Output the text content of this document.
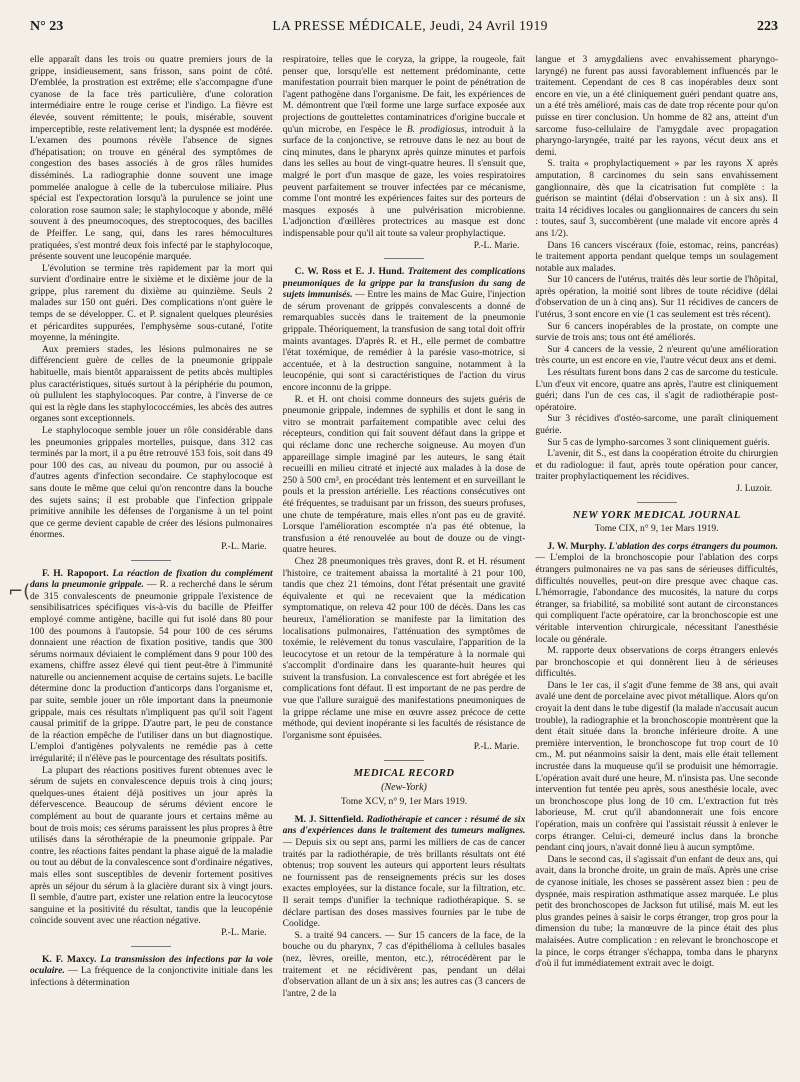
N° 23	LA PRESSE MÉDICALE, Jeudi, 24 Avril 1919	223
⌐(

elle apparaît dans les trois ou quatre premiers jours de la grippe, insidieusement, sans frisson, sans point de côté. D'emblée, la prostration est extrême; elle s'accompagne d'une cyanose de la face très particulière, d'une coloration intermédiaire entre le rouge cerise et l'indigo. La fièvre est élevée, souvent rémittente; le pouls, misérable, souvent imperceptible, reste relativement lent; la dyspnée est modérée. L'examen des poumons révèle l'absence de signes d'hépatisation; on trouve en général des symptômes de congestion des bases associés à de gros râles humides disséminés. La radiographie donne souvent une image pommelée analogue à celle de la tuberculose miliaire. Plus spécial est l'expectoration lorsqu'à la purulence se joint une coloration rose saumon sale; le staphylocoque y abonde, mêlé souvent à des pneumocoques, des streptocoques, des bacilles de Pfeiffer. Le sang, qui, dans les rares hémocultures pratiquées, s'est montré deux fois infecté par le staphylocoque, présente souvent une leucopénie marquée.

L'évolution se termine très rapidement par la mort qui survient d'ordinaire entre le sixième et le dixième jour de la grippe, plus rarement du dixième au quinzième. Seuls 2 malades sur 150 ont guéri. Des complications n'ont guère le temps de se développer. C. et P. signalent quelques pleurésies et péricardites suppurées, l'emphysème sous-cutané, l'otite moyenne, la méningite.

Aux premiers stades, les lésions pulmonaires ne se différencient guère de celles de la pneumonie grippale habituelle, mais bientôt apparaissent de petits abcès multiples plus caractéristiques, situés surtout à la périphérie du poumon, où pullulent les staphylocoques. Par contre, à l'inverse de ce qui est la règle dans les staphylococcémies, les abcès des autres organes sont exceptionnels.

Le staphylocoque semble jouer un rôle considérable dans les pneumonies grippales mortelles, puisque, dans 312 cas terminés par la mort, il a pu être retrouvé 153 fois, soit dans 49 pour 100 des cas, au niveau du poumon, pur ou associé à d'autres agents d'infection secondaire. Ce staphylocoque est sans doute le même que celui qu'on rencontre dans la bouche des sujets sains; il est probable que l'infection grippale primitive annihile les défenses de l'organisme à un tel point que ce germe devient capable de créer des lésions pulmonaires énormes.

P.-L. Marie.

F. H. Rapoport. La réaction de fixation du complément dans la pneumonie grippale. — R. a recherché dans le sérum de 315 convalescents de pneumonie grippale l'existence de sensibilisatrices spécifiques vis-à-vis du bacille de Pfeiffer employé comme antigène, bacille qui fut isolé dans 80 pour 100 des poumons à l'autopsie. 54 pour 100 de ces sérums donnaient une réaction de fixation positive, tandis que 300 sérums normaux déviaient le complément dans 9 pour 100 des examens, chiffre assez élevé qui tient peut-être à l'immunité naturelle ou anciennement acquise de certains sujets. Le bacille détermine donc la production d'anticorps dans l'organisme et, par suite, semble jouer un rôle important dans la pneumonie grippale, mais ces résultats n'impliquent pas qu'il soit l'agent causal primitif de la grippe. D'autre part, le peu de constance de la réaction empêche de l'utiliser dans un but diagnostique. L'emploi d'antigènes polyvalents ne remédie pas à cette irrégularité; il n'élève pas le pourcentage des résultats positifs.

La plupart des réactions positives furent obtenues avec le sérum de sujets en convalescence depuis trois à cinq jours; quelques-unes étaient déjà positives un jour après la défervescence. Beaucoup de sérums dévient encore le complément au bout de quarante jours et certains même au bout de trois mois; ces sérums paraissent les plus propres à être utilisés dans la sérothérapie de la pneumonie grippale. Par contre, les réactions faites pendant la phase aiguë de la maladie ou tout au début de la convalescence sont d'ordinaire négatives, mais elles sont susceptibles de devenir fortement positives après un séjour du sérum à la glacière durant six à vingt jours. Il semble, d'autre part, exister une relation entre la leucocytose sanguine et la positivité du résultat, tandis que la leucopénie coïncide souvent avec une réaction négative.

P.-L. Marie.

K. F. Maxcy. La transmission des infections par la voie oculaire. — La fréquence de la conjonctivite initiale dans les infections à détermination

respiratoire, telles que le coryza, la grippe, la rougeole, fait penser que, lorsqu'elle est nettement prédominante, cette manifestation pourrait bien marquer le point de pénétration de l'agent pathogène dans l'organisme. De fait, les expériences de M. démontrent que l'œil forme une large surface exposée aux projections de gouttelettes contaminatrices d'origine buccale et qu'un microbe, en l'espèce le B. prodigiosus, introduit à la surface de la conjonctive, se retrouve dans le nez au bout de cinq minutes, dans le pharynx après quinze minutes et parfois dans les selles au bout de vingt-quatre heures. Il s'ensuit que, malgré le port d'un masque de gaze, les voies respiratoires peuvent parfaitement se trouver infectées par ce mécanisme, comme l'ont montré les expériences faites sur des porteurs de masques exposés à une pulvérisation microbienne. L'adjonction d'œillères protectrices au masque est donc indispensable pour qu'il ait toute sa valeur prophylactique.

P.-L. Marie.

C. W. Ross et E. J. Hund. Traitement des complications pneumoniques de la grippe par la transfusion du sang de sujets immunisés. — Entre les mains de Mac Guire, l'injection de sérum provenant de grippés convalescents a donné de remarquables succès dans le traitement de la pneumonie grippale. Théoriquement, la transfusion de sang total doit offrir maints avantages. D'après R. et H., elle permet de combattre l'état toxémique, de remédier à la parésie vaso-motrice, si accentuée, et à la destruction sanguine, notamment à la leucopénie, qui sont si caractéristiques de l'action du virus encore inconnu de la grippe.

R. et H. ont choisi comme donneurs des sujets guéris de pneumonie grippale, indemnes de syphilis et dont le sang in vitro se montrait parfaitement compatible avec celui des récepteurs, condition qui fait souvent défaut dans la grippe et qui réclame donc une recherche soigneuse. Au moyen d'un appareillage simple imaginé par les auteurs, le sang était recueilli en milieu citraté et injecté aux malades à la dose de 250 à 500 cm³, en procédant très lentement et en surveillant le pouls et la pression artérielle. Les réactions consécutives ont été fréquentes, se traduisant par un frisson, des sueurs profuses, une chute de température, mais elles n'ont pas eu de gravité. Lorsque l'amélioration escomptée n'a pas été obtenue, la transfusion a été renouvelée au bout de douze ou de vingt-quatre heures.

Chez 28 pneumoniques très graves, dont R. et H. résument l'histoire, ce traitement abaissa la mortalité à 21 pour 100, tandis que chez 21 témoins, dont l'état présentait une gravité équivalente et qui ne recevaient que la médication symptomatique, on releva 42 pour 100 de décès. Dans les cas heureux, l'amélioration se manifeste par la limitation des localisations pulmonaires, l'atténuation des symptômes de toxémie, le relèvement du tonus vasculaire, l'apparition de la leucocytose et un retour de la température à la normale qui s'accomplit d'ordinaire dans les quarante-huit heures qui suivent la transfusion. La convalescence est fort abrégée et les complications font défaut. Il est important de ne pas perdre de vue que l'allure suraiguë des manifestations pneumoniques de la grippe réclame une mise en œuvre assez précoce de cette méthode, qui devient inopérante si les facultés de résistance de l'organisme sont épuisées.

P.-L. Marie.
MEDICAL RECORD
(New-York)
Tome XCV, n° 9, 1er Mars 1919.

M. J. Sittenfield. Radiothérapie et cancer : résumé de six ans d'expériences dans le traitement des tumeurs malignes. — Depuis six ou sept ans, parmi les milliers de cas de cancer traités par la radiothérapie, de très brillants résultats ont été obtenus; trop souvent les auteurs qui apportent leurs résultats ne fournissent pas de renseignements précis sur les doses exactes employées, sur la distance focale, sur la filtration, etc. Il serait temps d'unifier la technique radiothérapique. S. se déclare partisan des doses massives fournies par le tube de Coolidge.

S. a traité 94 cancers. — Sur 15 cancers de la face, de la bouche ou du pharynx, 7 cas d'épithélioma à cellules basales (nez, lèvres, oreille, menton, etc.), rétrocédèrent par le traitement et ne récidivèrent pas, pendant un délai d'observation allant de un à six ans; les autres cas (3 cancers de l'antre, 2 de la

langue et 3 amygdaliens avec envahissement pharyngo-laryngé) ne furent pas aussi favorablement influencés par le traitement. Cependant de ces 8 cas inopérables deux sont encore en vie, un a été cliniquement guéri pendant quatre ans, un a été très amélioré, mais cas de date trop récente pour qu'on puisse en tirer conclusion. Un homme de 82 ans, atteint d'un sarcome fuso-cellulaire de l'amygdale avec propagation pharyngo-laryngée, traité par les rayons, vécut deux ans et demi.

S. traita « prophylactiquement » par les rayons X après amputation, 8 carcinomes du sein sans envahissement ganglionnaire, dès que la cicatrisation fut complète : la guérison se maintint (délai d'observation : un à six ans). Il traita 14 récidives locales ou ganglionnaires de cancers du sein : toutes, sauf 3, succombèrent (une malade vit encore après 4 ans 1/2).

Dans 16 cancers viscéraux (foie, estomac, reins, pancréas) le traitement apporta pendant quelque temps un soulagement notable aux malades.

Sur 10 cancers de l'utérus, traités dès leur sortie de l'hôpital, après opération, la moitié sont libres de toute récidive (délai d'observation de un à cinq ans). Sur 11 récidives de cancers de l'utérus, 3 sont encore en vie (1 cas seulement est très récent).

Sur 6 cancers inopérables de la prostate, on compte une survie de trois ans; tous ont été améliorés.

Sur 4 cancers de la vessie, 2 n'eurent qu'une amélioration très courte, un est encore en vie, l'autre vécut deux ans et demi.

Les résultats furent bons dans 2 cas de sarcome du testicule. L'un d'eux vit encore, quatre ans après, l'autre est cliniquement guéri; dans l'un de ces cas, il s'agit de radiothérapie post-opératoire.

Sur 3 récidives d'ostéo-sarcome, une paraît cliniquement guérie.

Sur 5 cas de lympho-sarcomes 3 sont cliniquement guéris.

L'avenir, dit S., est dans la coopération étroite du chirurgien et du radiologue: il faut, après toute opération pour cancer, traiter prophylactiquement les récidives.

J. Luzoir.
NEW YORK MEDICAL JOURNAL
Tome CIX, n° 9, 1er Mars 1919.

J. W. Murphy. L'ablation des corps étrangers du poumon. — L'emploi de la bronchoscopie pour l'ablation des corps étrangers pulmonaires ne va pas sans de sérieuses difficultés, difficultés nouvelles, peut-on dire presque avec chaque cas. L'hémorragie, l'abondance des mucosités, la nature du corps étranger, sa friabilité, sa mobilité sont autant de circonstances qui compliquent l'acte opératoire, car la bronchoscopie est une véritable intervention chirurgicale, nécessitant l'anesthésie locale ou générale.

M. rapporte deux observations de corps étrangers enlevés par bronchoscopie et qui donnèrent lieu à de sérieuses difficultés.

Dans le 1er cas, il s'agit d'une femme de 38 ans, qui avait avalé une dent de porcelaine avec pivot métallique. Alors qu'on croyait la dent dans le tube digestif (la malade n'accusait aucun trouble), la radiographie et la bronchoscopie montrèrent que la dent était située dans la bronche inférieure droite. A une première intervention, le bronchoscope fut trop court de 10 cm., M. put néanmoins saisir la dent, mais elle était tellement incrustée dans la muqueuse qu'il se produisit une hémorragie. L'opération avait duré une heure, M. n'insista pas. Une seconde intervention fut tentée peu après, sous anesthésie locale, avec un bronchoscope plus long de 10 cm. L'extraction fut très laborieuse, M. crut qu'il abandonnerait une fois encore l'opération, mais un confrère qui l'assistait réussit à enlever le corps étranger. Celui-ci, demeuré inclus dans la bronche pendant cinq jours, n'avait donné lieu à aucun symptôme.

Dans le second cas, il s'agissait d'un enfant de deux ans, qui avait, dans la bronche droite, un grain de maïs. Après une crise de cyanose initiale, les choses se passèrent assez bien : peu de dyspnée, mais respiration asthmatique assez marquée. Le plus petit des bronchoscopes de Jackson fut utilisé, mais M. eut les plus grandes peines à saisir le corps étranger, trop gros pour la dimension du tube; la manœuvre de la pince était des plus malaisées. Autre complication : en relevant le bronchoscope et la pince, le corps étranger s'échappa, tomba dans le pharynx d'où il fut immédiatement extrait avec le doigt.
